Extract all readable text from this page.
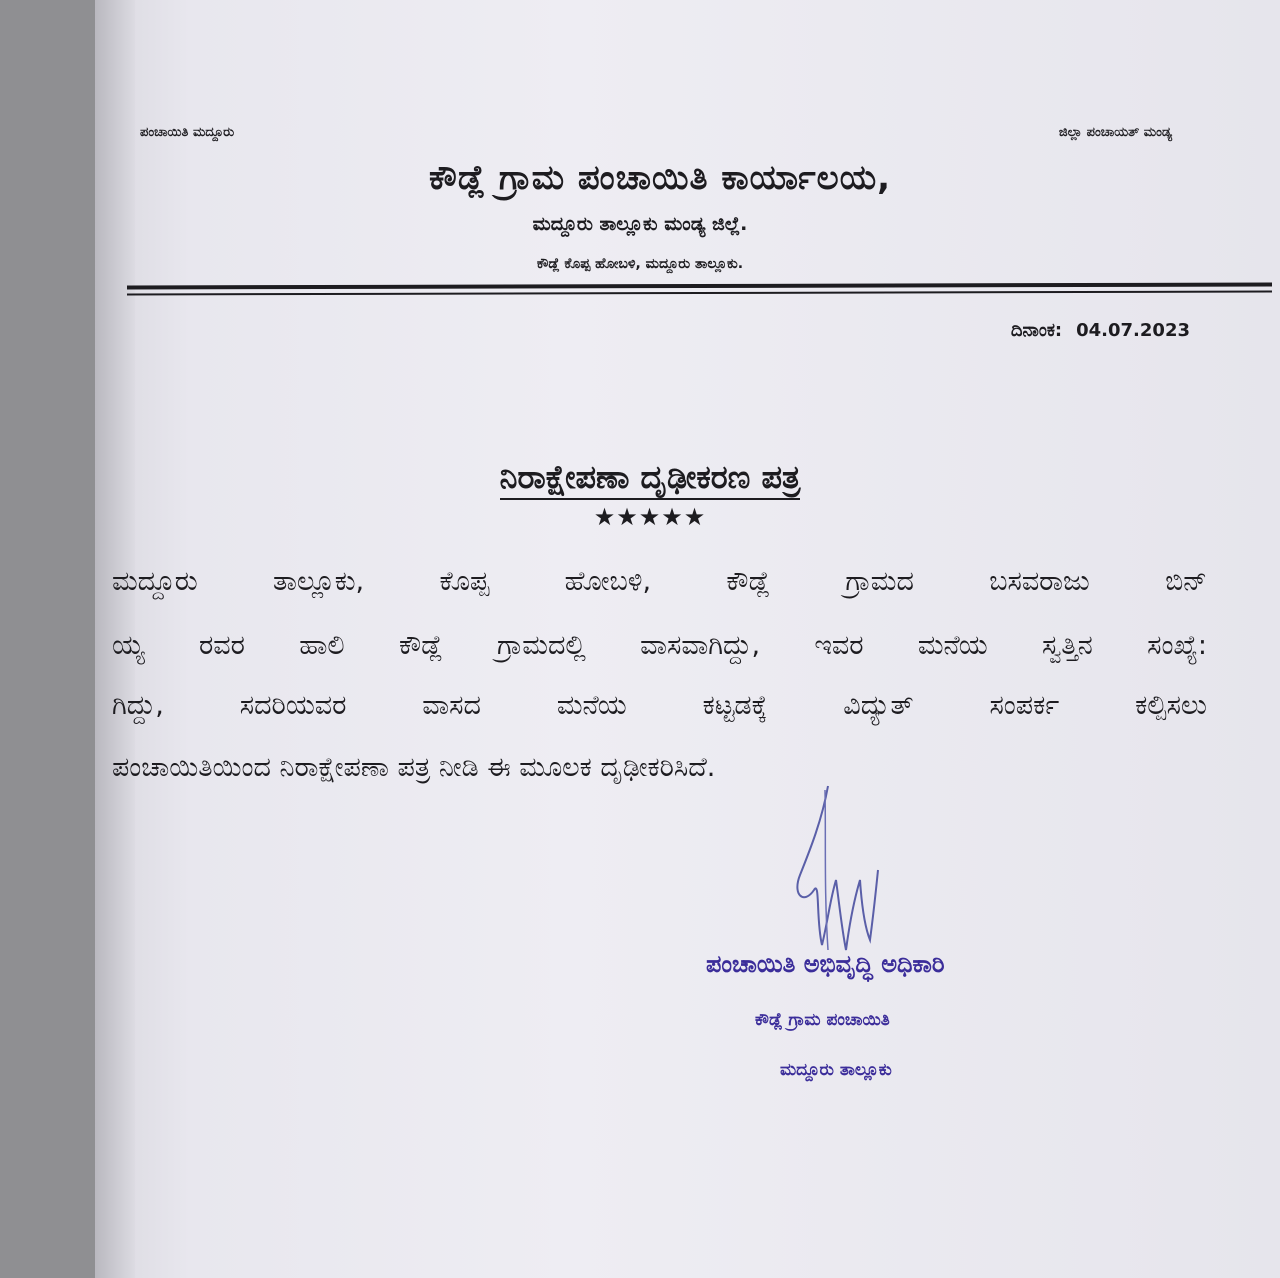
ಪಂಚಾಯಿತಿ ಮದ್ದೂರು	ಜಿಲ್ಲಾ ಪಂಚಾಯತ್ ಮಂಡ್ಯ
ಕೌಡ್ಲೆ ಗ್ರಾಮ ಪಂಚಾಯಿತಿ ಕಾರ್ಯಾಲಯ,
ಮದ್ದೂರು ತಾಲ್ಲೂಕು ಮಂಡ್ಯ ಜಿಲ್ಲೆ.
ಕೌಡ್ಲೆ ಕೊಪ್ಪ ಹೋಬಳಿ, ಮದ್ದೂರು ತಾಲ್ಲೂಕು.
ದಿನಾಂಕ: 04.07.2023
ನಿರಾಕ್ಷೇಪಣಾ ದೃಢೀಕರಣ ಪತ್ರ
★★★★★
ಮದ್ದೂರು ತಾಲ್ಲೂಕು, ಕೊಪ್ಪ ಹೋಬಳಿ, ಕೌಡ್ಲೆ ಗ್ರಾಮದ ಬಸವರಾಜು ಬಿನ್
ಯ್ಯ ರವರ ಹಾಲಿ ಕೌಡ್ಲೆ ಗ್ರಾಮದಲ್ಲಿ ವಾಸವಾಗಿದ್ದು, ಇವರ ಮನೆಯ ಸ್ವತ್ತಿನ ಸಂಖ್ಯೆ:
ಗಿದ್ದು, ಸದರಿಯವರ ವಾಸದ ಮನೆಯ ಕಟ್ಟಡಕ್ಕೆ ವಿದ್ಯುತ್ ಸಂಪರ್ಕ ಕಲ್ಪಿಸಲು
ಪಂಚಾಯಿತಿಯಿಂದ ನಿರಾಕ್ಷೇಪಣಾ ಪತ್ರ ನೀಡಿ ಈ ಮೂಲಕ ದೃಢೀಕರಿಸಿದೆ.
ಪಂಚಾಯಿತಿ ಅಭಿವೃದ್ಧಿ ಅಧಿಕಾರಿ
ಕೌಡ್ಲೆ ಗ್ರಾಮ ಪಂಚಾಯಿತಿ
ಮದ್ದೂರು ತಾಲ್ಲೂಕು
